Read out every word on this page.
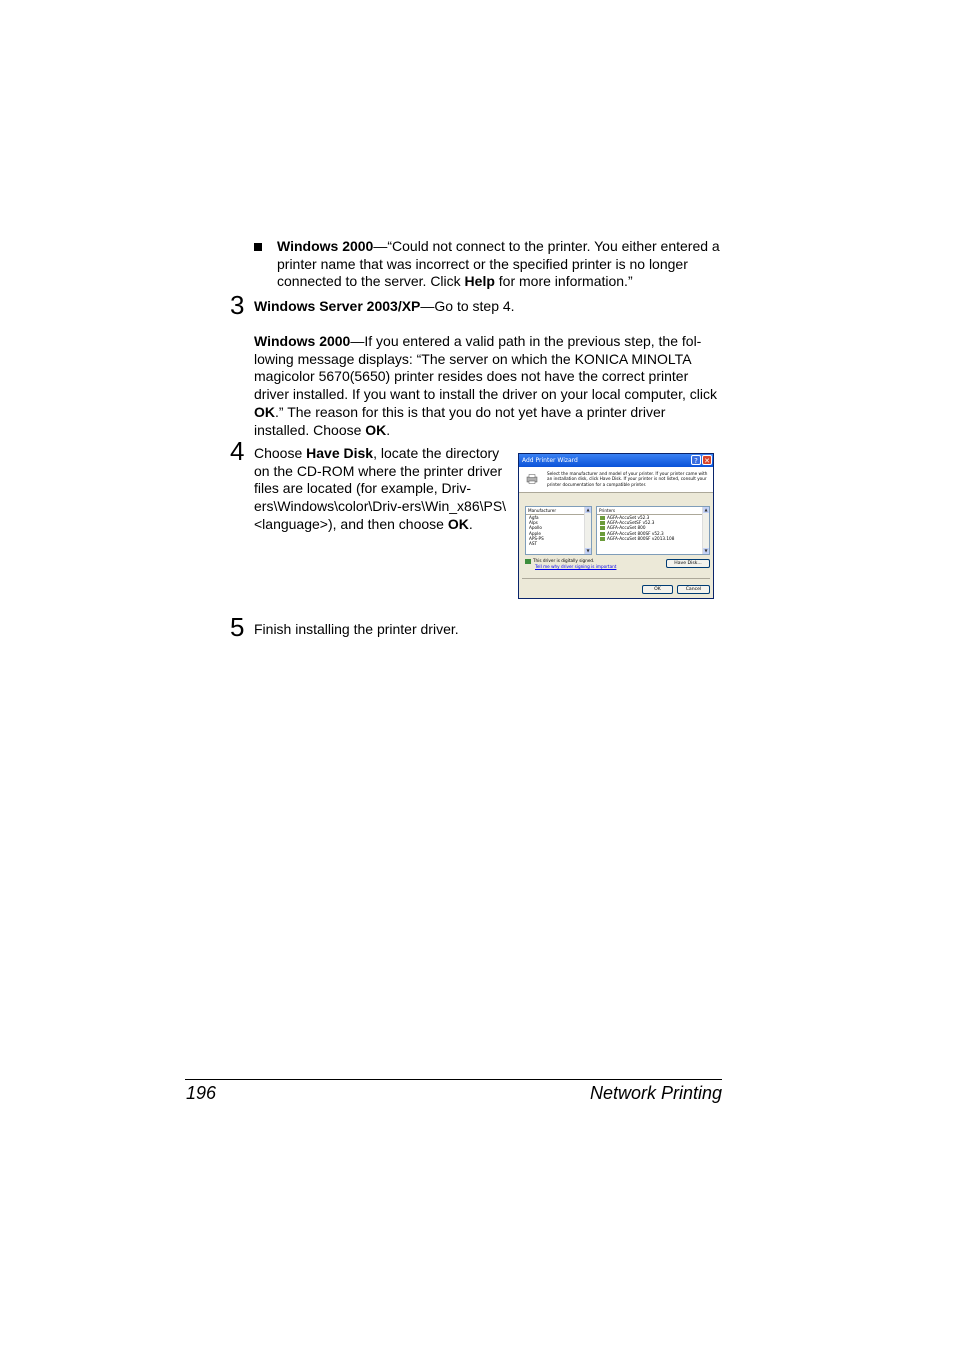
Windows 2000—“Could not connect to the printer. You either entered a printer name that was incorrect or the specified printer is no longer connected to the server. Click Help for more information.”
3 Windows Server 2003/XP—Go to step 4.
Windows 2000—If you entered a valid path in the previous step, the fol-lowing message displays: “The server on which the KONICA MINOLTA magicolor 5670(5650) printer resides does not have the correct printer driver installed. If you want to install the driver on your local computer, click OK.” The reason for this is that you do not yet have a printer driver installed. Choose OK.
4 Choose Have Disk, locate the directory on the CD-ROM where the printer driver files are located (for example, Driv-ers\Windows\color\Driv-ers\Win_x86\PS\<language>), and then choose OK.
Add Printer Wizard	? ✕
Select the manufacturer and model of your printer. If your printer came with an installation disk, click Have Disk. If your printer is not listed, consult your printer documentation for a compatible printer.
Manufacturer
Agfa
Alps
Apollo
Apple
APS-PS
AST
▲
▼
Printers
AGFA-AccuSet v52.3
AGFA-AccuSetSF v52.3
AGFA-AccuSet 800
AGFA-AccuSet 800SF v52.3
AGFA-AccuSet 800SF v2013.108
▲
▼
This driver is digitally signed.
Tell me why driver signing is important	Have Disk...
OK	Cancel
5 Finish installing the printer driver.
196	Network Printing
